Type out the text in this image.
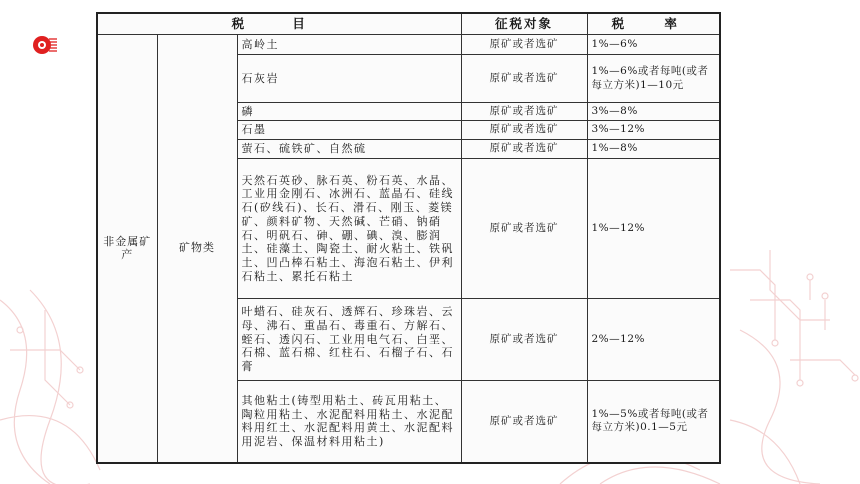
税 目			征税对象	税 率
非金属矿产	矿物类	高岭土	原矿或者选矿	1%—6%
		石灰岩	原矿或者选矿	1%—6%或者每吨(或者每立方米)1—10元
		磷	原矿或者选矿	3%—8%
		石墨	原矿或者选矿	3%—12%
		萤石、硫铁矿、自然硫	原矿或者选矿	1%—8%
		天然石英砂、脉石英、粉石英、水晶、工业用金刚石、冰洲石、蓝晶石、硅线石(矽线石)、长石、滑石、刚玉、菱镁矿、颜料矿物、天然碱、芒硝、钠硝石、明矾石、砷、硼、碘、溴、膨润土、硅藻土、陶瓷土、耐火粘土、铁矾土、凹凸棒石粘土、海泡石粘土、伊利石粘土、累托石粘土	原矿或者选矿	1%—12%
		叶蜡石、硅灰石、透辉石、珍珠岩、云母、沸石、重晶石、毒重石、方解石、蛭石、透闪石、工业用电气石、白垩、石棉、蓝石棉、红柱石、石榴子石、石膏	原矿或者选矿	2%—12%
		其他粘土(铸型用粘土、砖瓦用粘土、陶粒用粘土、水泥配料用粘土、水泥配料用红土、水泥配料用黄土、水泥配料用泥岩、保温材料用粘土)	原矿或者选矿	1%—5%或者每吨(或者每立方米)0.1—5元
